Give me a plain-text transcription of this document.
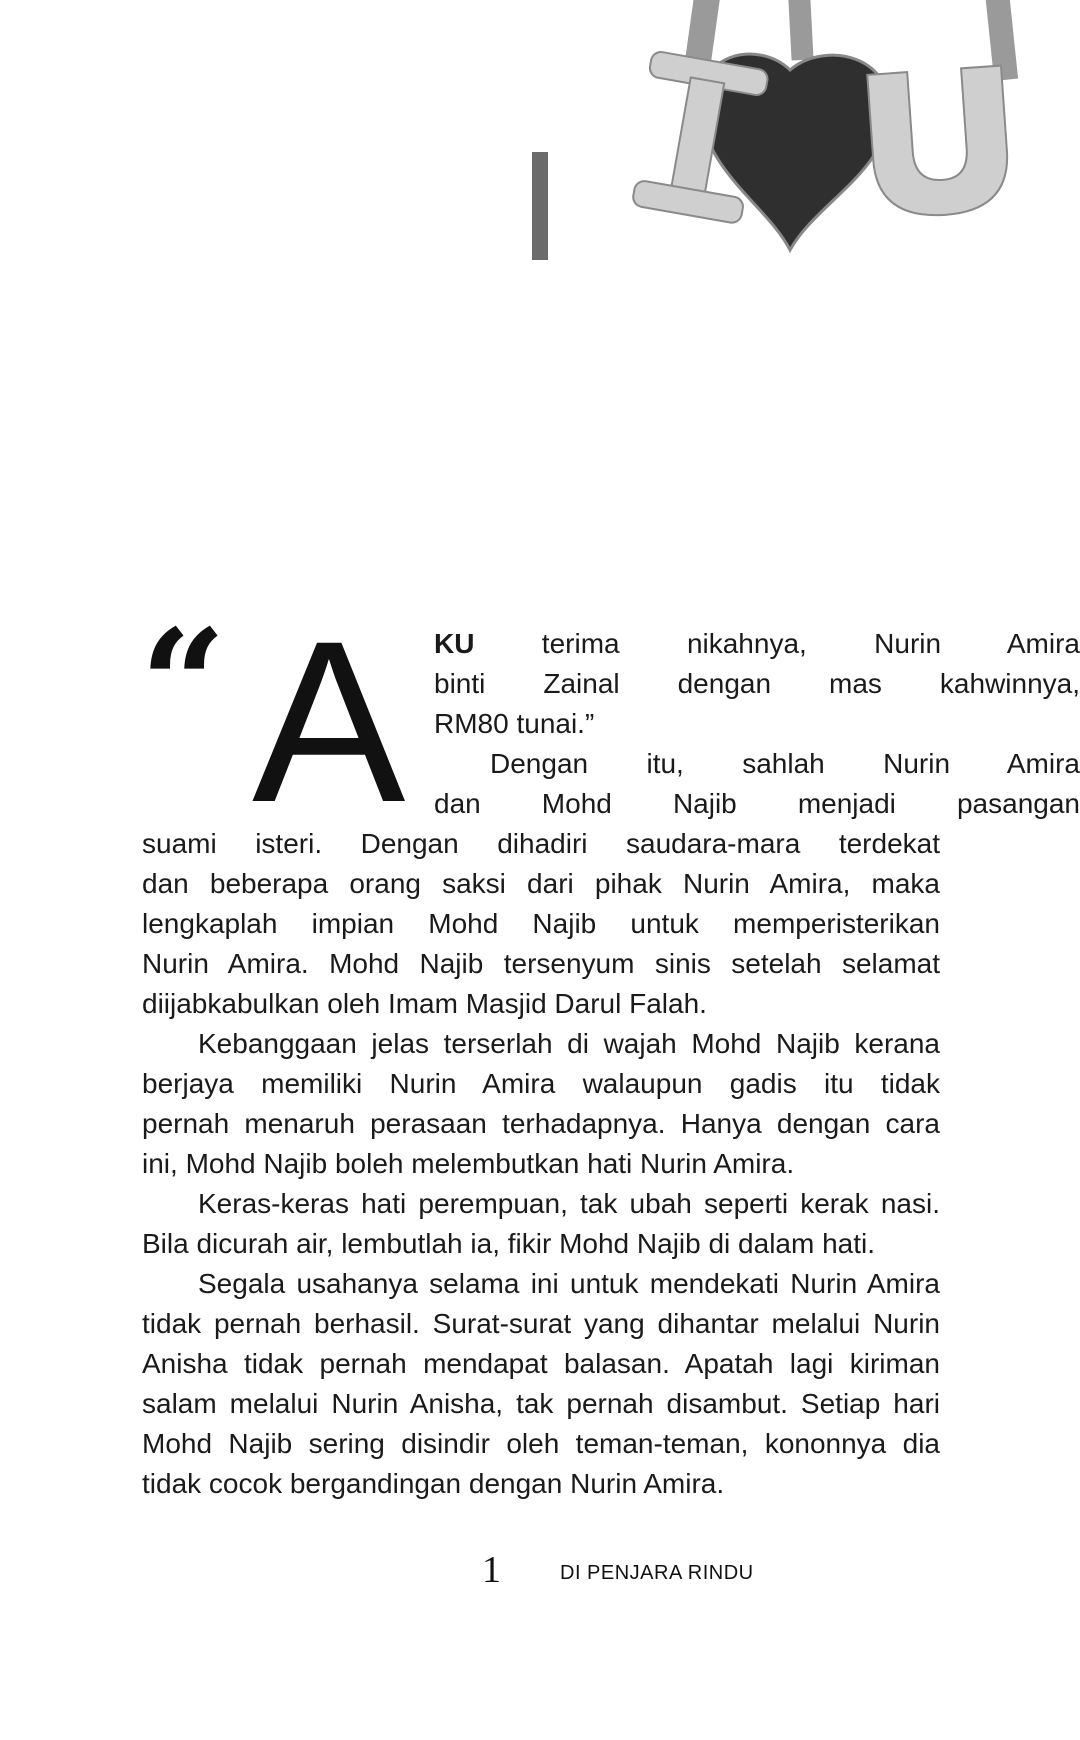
“ A KU terima nikahnya, Nurin Amira
binti Zainal dengan mas kahwinnya,
RM80 tunai.”
Dengan itu, sahlah Nurin Amira
dan Mohd Najib menjadi pasangan
suami isteri. Dengan dihadiri saudara-mara terdekat
dan beberapa orang saksi dari pihak Nurin Amira, maka
lengkaplah impian Mohd Najib untuk memperisterikan
Nurin Amira. Mohd Najib tersenyum sinis setelah selamat
diijabkabulkan oleh Imam Masjid Darul Falah.
Kebanggaan jelas terserlah di wajah Mohd Najib kerana
berjaya memiliki Nurin Amira walaupun gadis itu tidak
pernah menaruh perasaan terhadapnya. Hanya dengan cara
ini, Mohd Najib boleh melembutkan hati Nurin Amira.
Keras-keras hati perempuan, tak ubah seperti kerak nasi.
Bila dicurah air, lembutlah ia, fikir Mohd Najib di dalam hati.
Segala usahanya selama ini untuk mendekati Nurin Amira
tidak pernah berhasil. Surat-surat yang dihantar melalui Nurin
Anisha tidak pernah mendapat balasan. Apatah lagi kiriman
salam melalui Nurin Anisha, tak pernah disambut. Setiap hari
Mohd Najib sering disindir oleh teman-teman, kononnya dia
tidak cocok bergandingan dengan Nurin Amira.
1	DI PENJARA RINDU
